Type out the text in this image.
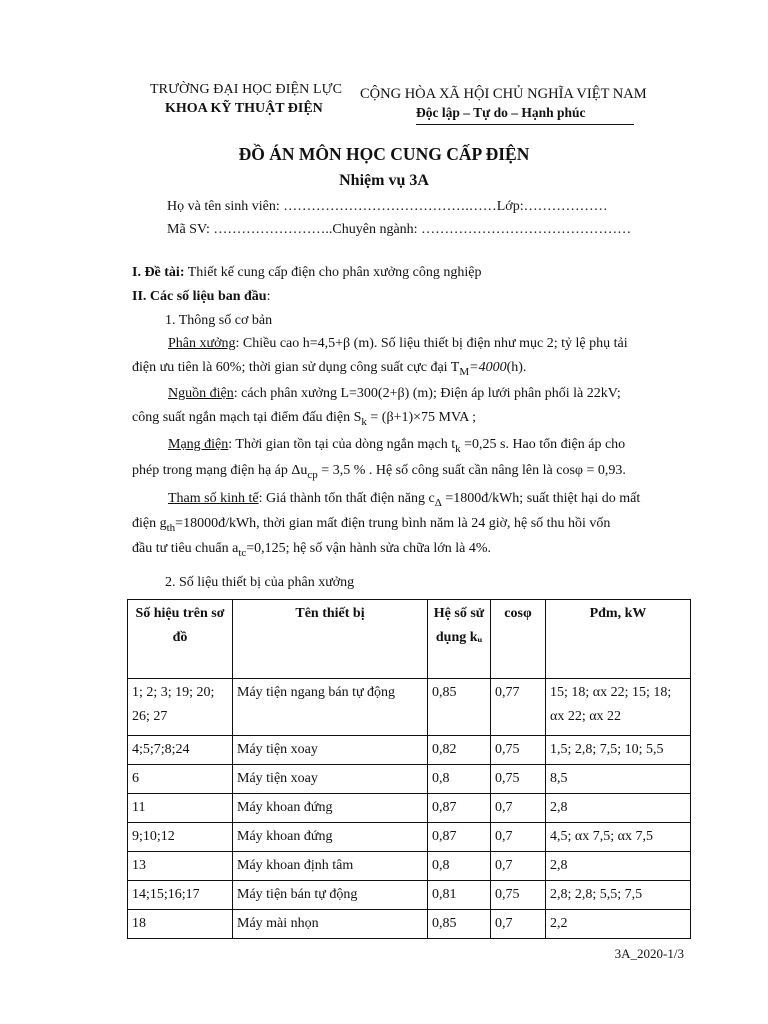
TRƯỜNG ĐẠI HỌC ĐIỆN LỰC
KHOA KỸ THUẬT ĐIỆN
CỘNG HÒA XÃ HỘI CHỦ NGHĨA VIỆT NAM
Độc lập – Tự do – Hạnh phúc
ĐỒ ÁN MÔN HỌC CUNG CẤP ĐIỆN
Nhiệm vụ 3A
Họ và tên sinh viên: ………………………………….……Lớp:………………
Mã SV: ……………………..Chuyên ngành: ………………………………………
I. Đề tài: Thiết kế cung cấp điện cho phân xưởng công nghiệp
II. Các số liệu ban đầu:
1. Thông số cơ bản
Phân xưởng: Chiều cao h=4,5+β (m). Số liệu thiết bị điện như mục 2; tỷ lệ phụ tải
điện ưu tiên là 60%; thời gian sử dụng công suất cực đại $T_M=4000(h)$.
Nguồn điện: cách phân xưởng L=300(2+β) (m); Điện áp lưới phân phối là 22kV;
công suất ngắn mạch tại điểm đấu điện $S_k = (\beta+1)\times 75$ MVA ;
Mạng điện: Thời gian tồn tại của dòng ngắn mạch $t_k =0,25$ s. Hao tổn điện áp cho
phép trong mạng điện hạ áp $\Delta u_{cp} = 3,5$ % . Hệ số công suất cần nâng lên là cosφ = 0,93.
Tham số kinh tế: Giá thành tổn thất điện năng $c_\Delta$ =1800đ/kWh; suất thiệt hại do mất
điện $g_{th}=18000đ$/kWh, thời gian mất điện trung bình năm là 24 giờ, hệ số thu hồi vốn
đầu tư tiêu chuẩn $a_{tc}=0,125$; hệ số vận hành sửa chữa lớn là 4%.
2. Số liệu thiết bị của phân xưởng
Số hiệu trên sơ đồ	Tên thiết bị	Hệ số sử dụng kᵤ	cosφ	Pđm, kW
1; 2; 3; 19; 20; 26; 27	Máy tiện ngang bán tự động	0,85	0,77	15; 18; αx 22; 15; 18; αx 22; αx 22
4;5;7;8;24	Máy tiện xoay	0,82	0,75	1,5; 2,8; 7,5; 10; 5,5
6	Máy tiện xoay	0,8	0,75	8,5
11	Máy khoan đứng	0,87	0,7	2,8
9;10;12	Máy khoan đứng	0,87	0,7	4,5; αx 7,5; αx 7,5
13	Máy khoan định tâm	0,8	0,7	2,8
14;15;16;17	Máy tiện bán tự động	0,81	0,75	2,8; 2,8; 5,5; 7,5
18	Máy mài nhọn	0,85	0,7	2,2
3A_2020-1/3
